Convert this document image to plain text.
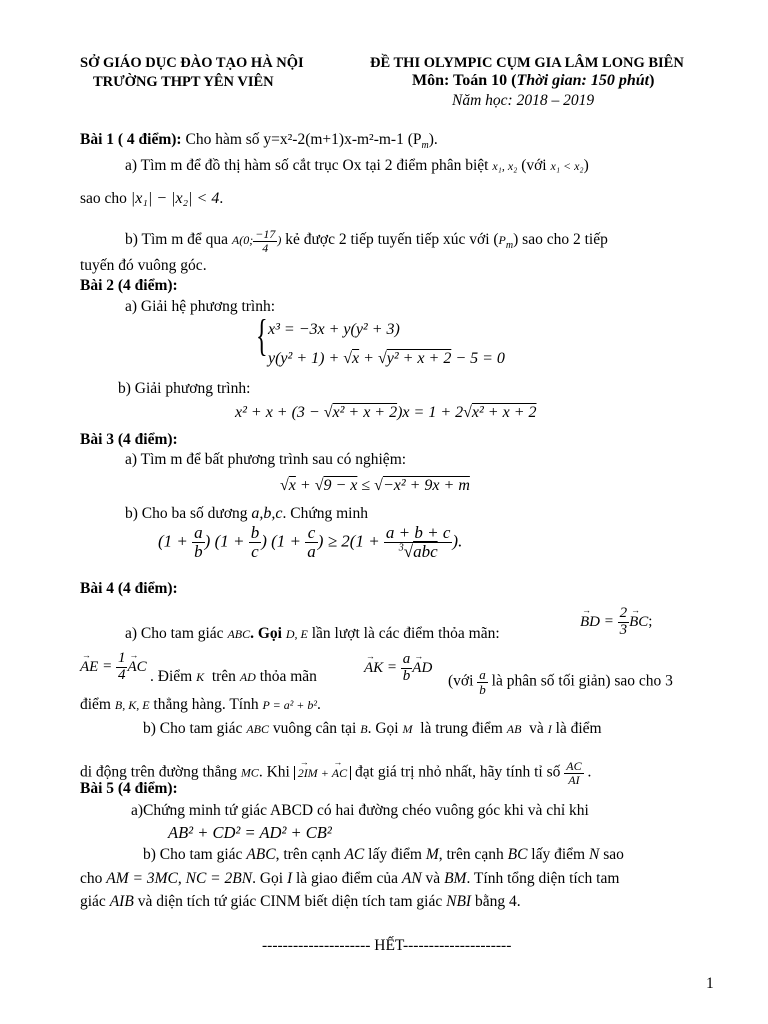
SỞ GIÁO DỤC ĐÀO TẠO HÀ NỘI
TRƯỜNG THPT YÊN VIÊN
ĐỀ THI OLYMPIC CỤM GIA LÂM LONG BIÊN
Môn: Toán 10 (Thời gian: 150 phút)
Năm học: 2018 – 2019
Bài 1 ( 4 điểm): Cho hàm số y=x²-2(m+1)x-m²-m-1 $(P_m)$.
a) Tìm m để đồ thị hàm số cắt trục Ox tại 2 điểm phân biệt x₁, x₂ (với x₁ < x₂)
sao cho |x₁| − |x₂| < 4.
b) Tìm m để qua A(0; $\frac{-17}{4}$ ) kẻ được 2 tiếp tuyến tiếp xúc với $(P_m)$ sao cho 2 tiếp
tuyến đó vuông góc.
Bài 2 (4 điểm):
a) Giải hệ phương trình:
{ x³ = −3x + y(y² + 3)
y(y² + 1) + √x + √y² + x + 2 − 5 = 0
b) Giải phương trình:
x² + x + (3 − √x² + x + 2)x = 1 + 2√x² + x + 2
Bài 3 (4 điểm):
a) Tìm m để bất phương trình sau có nghiệm:
√x + √9 − x ≤ √−x² + 9x + m
b) Cho ba số dương a,b,c. Chứng minh
($1 + \frac{a}{b}$ ) ($1 + \frac{b}{c}$ ) ($1 + \frac{c}{a}$ ) ≥ $2(1 + \frac{a + b + c}{^3√abc}$ ).
Bài 4 (4 điểm):
a) Cho tam giác ABC. Gọi D, E lần lượt là các điểm thỏa mãn:
→ BD = $\frac{2}{3}$ → BC;
→ AE = $\frac{1}{4}$ → AC
. Điểm K trên AD thỏa mãn
→ AK = $\frac{a}{b}$ → AD
(với $\frac{a}{b}$ là phân số tối giản) sao cho 3
điểm B, K, E thẳng hàng. Tính P = a² + b².
b) Cho tam giác ABC vuông cân tại B. Gọi M là trung điểm AB và I là điểm
di động trên đường thẳng MC. Khi → 2IM + → AC đạt giá trị nhỏ nhất, hãy tính tỉ số $\frac{AC}{AI}$ .
Bài 5 (4 điểm):
a)Chứng minh tứ giác ABCD có hai đường chéo vuông góc khi và chỉ khi
AB² + CD² = AD² + CB²
b) Cho tam giác ABC, trên cạnh AC lấy điểm M, trên cạnh BC lấy điểm N sao
cho AM = 3MC, NC = 2BN. Gọi I là giao điểm của AN và BM. Tính tổng diện tích tam
giác AIB và diện tích tứ giác CINM biết diện tích tam giác NBI bằng 4.
--------------------- HẾT---------------------
1
